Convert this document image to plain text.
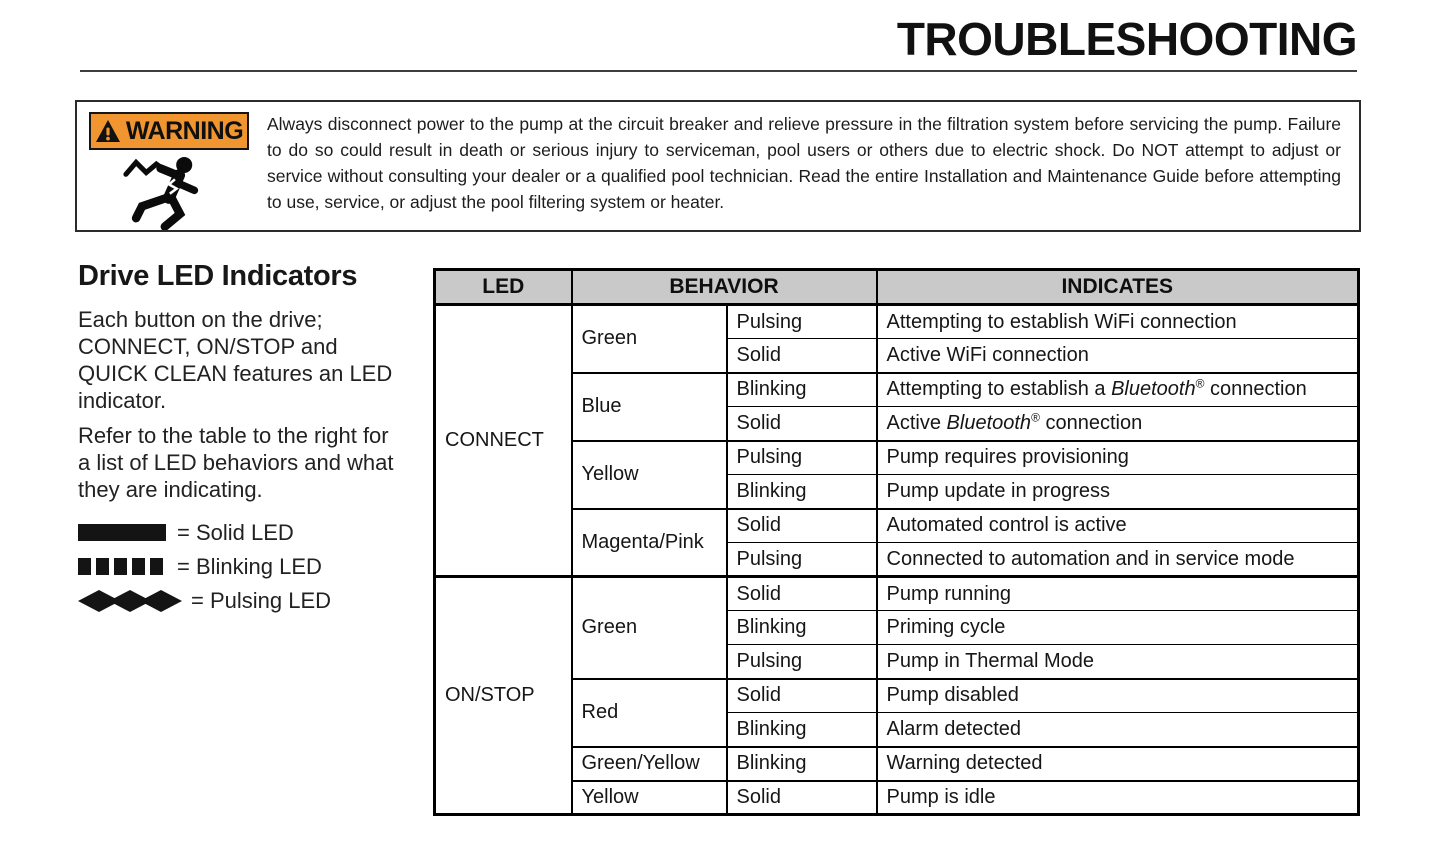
TROUBLESHOOTING
WARNING	Always disconnect power to the pump at the circuit breaker and relieve pressure in the filtration system before servicing the pump. Failure to do so could result in death or serious injury to serviceman, pool users or others due to electric shock. Do NOT attempt to adjust or service without consulting your dealer or a qualified pool technician. Read the entire Installation and Maintenance Guide before attempting to use, service, or adjust the pool filtering system or heater.

Drive LED Indicators

Each button on the drive; CONNECT, ON/STOP and QUICK CLEAN features an LED indicator.

Refer to the table to the right for a list of LED behaviors and what they are indicating.

= Solid LED
= Blinking LED
= Pulsing LED
LED	BEHAVIOR		INDICATES
CONNECT	Green	Pulsing	Attempting to establish WiFi connection
		Solid	Active WiFi connection
	Blue	Blinking	Attempting to establish a Bluetooth® connection
		Solid	Active Bluetooth® connection
	Yellow	Pulsing	Pump requires provisioning
		Blinking	Pump update in progress
	Magenta/Pink	Solid	Automated control is active
		Pulsing	Connected to automation and in service mode
ON/STOP	Green	Solid	Pump running
		Blinking	Priming cycle
		Pulsing	Pump in Thermal Mode
	Red	Solid	Pump disabled
		Blinking	Alarm detected
	Green/Yellow	Blinking	Warning detected
	Yellow	Solid	Pump is idle
